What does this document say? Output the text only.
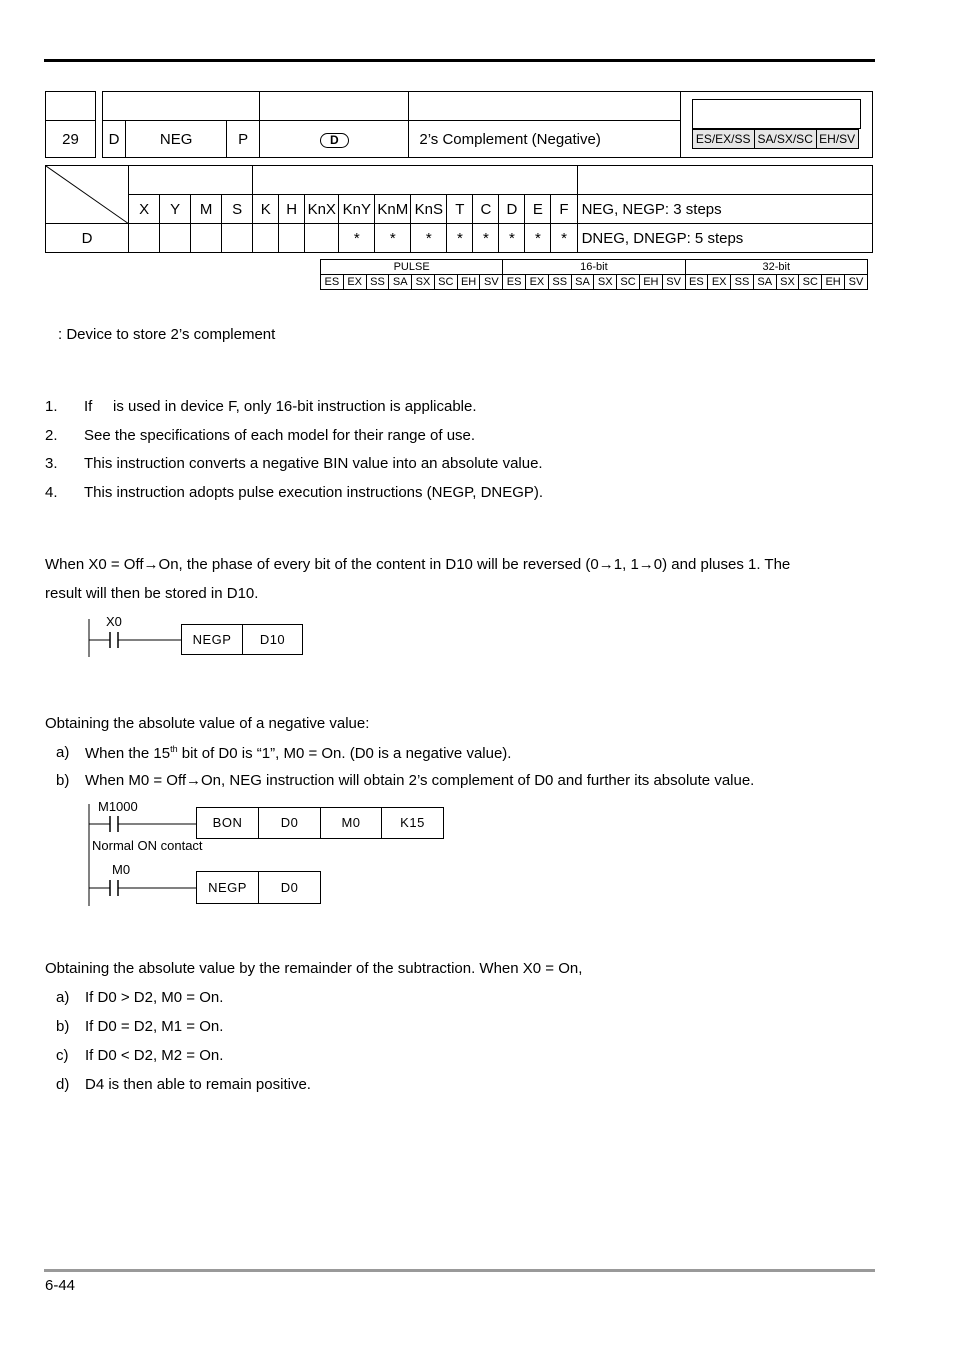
ES/EX/SS	SA/SX/SC	EH/SV

29		D	NEG	P	D	2’s Complement (Negative)

	X	Y	M	S	K	H	KnX	KnY	KnM	KnS	T	C	D	E	F	NEG, NEGP: 3 steps
D								*	*	*	*	*	*	*	*	DNEG, DNEGP: 5 steps
PULSE								16-bit								32-bit							
ES	EX	SS	SA	SX	SC	EH	SV	ES	EX	SS	SA	SX	SC	EH	SV	ES	EX	SS	SA	SX	SC	EH	SV
: Device to store 2’s complement
1. If is used in device F, only 16-bit instruction is applicable.
2. See the specifications of each model for their range of use.
3. This instruction converts a negative BIN value into an absolute value.
4. This instruction adopts pulse execution instructions (NEGP, DNEGP).
When X0 = Off→On, the phase of every bit of the content in D10 will be reversed (0→1, 1→0) and pluses 1. The
result will then be stored in D10.
X0
NEGP	D10
Obtaining the absolute value of a negative value:
a) When the 15th bit of D0 is “1”, M0 = On. (D0 is a negative value).
b) When M0 = Off→On, NEG instruction will obtain 2’s complement of D0 and further its absolute value.
M1000
Normal ON contact
BON	D0	M0	K15
M0
NEGP	D0
Obtaining the absolute value by the remainder of the subtraction. When X0 = On,
a) If D0 > D2, M0 = On.
b) If D0 = D2, M1 = On.
c) If D0 < D2, M2 = On.
d) D4 is then able to remain positive.
6-44
